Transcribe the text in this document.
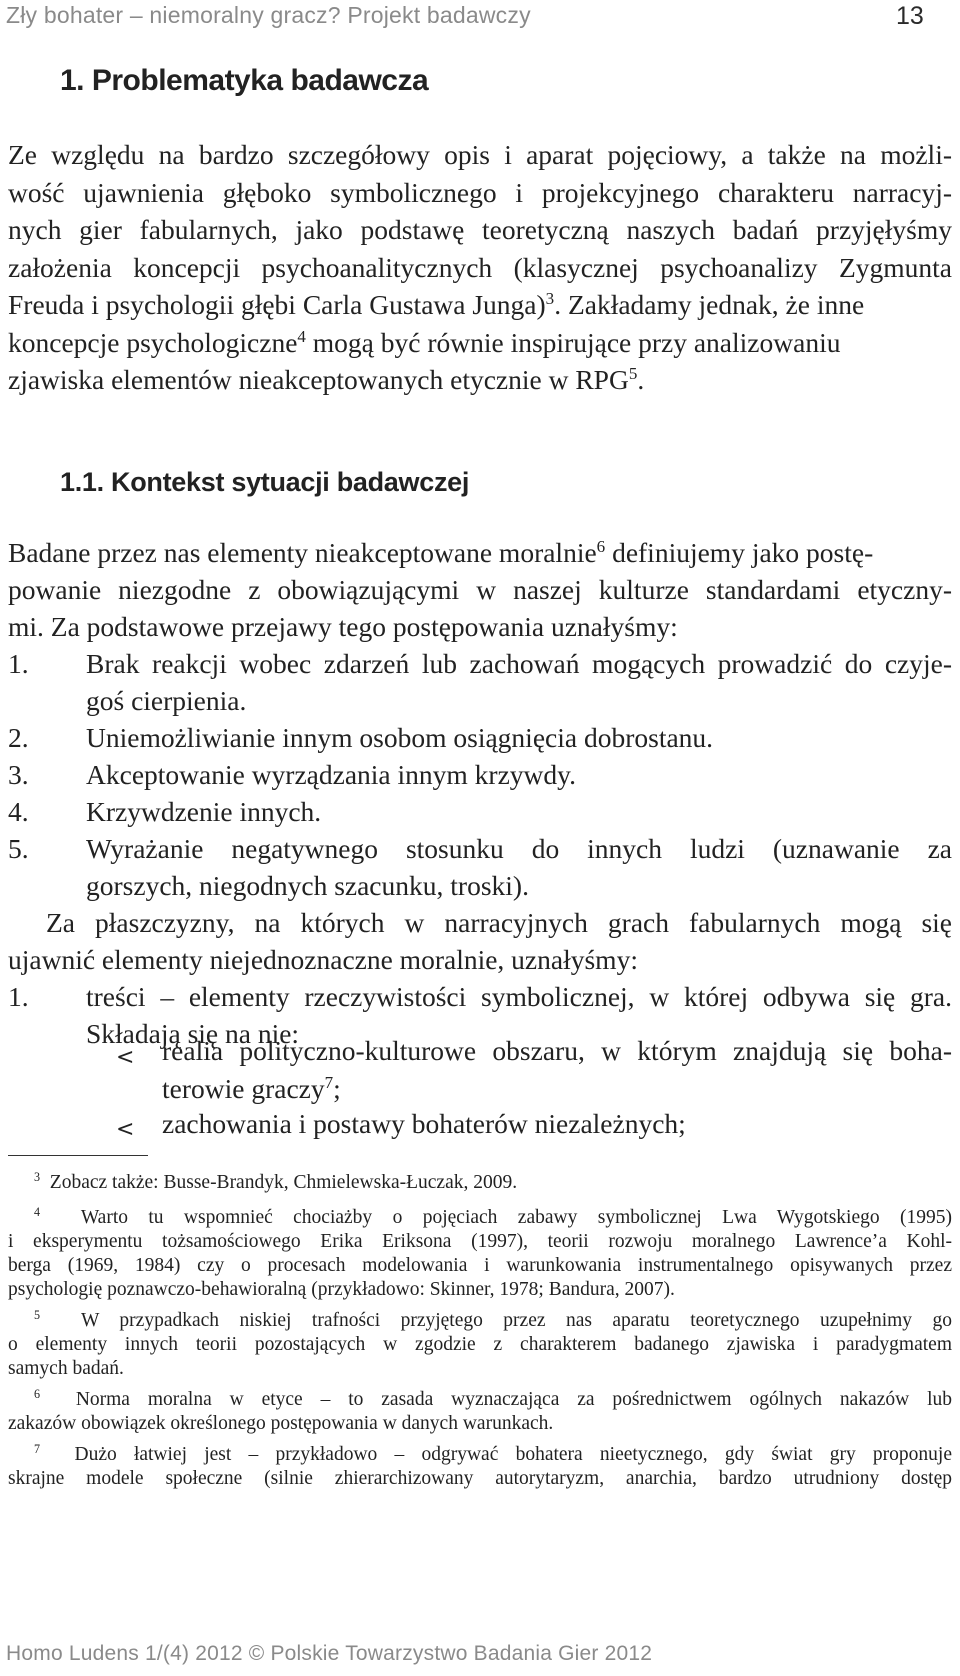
Zły bohater – niemoralny gracz? Projekt badawczy	13
1. Problematyka badawcza
Ze względu na bardzo szczegółowy opis i aparat pojęciowy, a także na możli-
wość ujawnienia głęboko symbolicznego i projekcyjnego charakteru narracyj-
nych gier fabularnych, jako podstawę teoretyczną naszych badań przyjęłyśmy
założenia koncepcji psychoanalitycznych (klasycznej psychoanalizy Zygmunta
Freuda i psychologii głębi Carla Gustawa Junga)$^3$. Zakładamy jednak, że inne
koncepcje psychologiczne$^4$ mogą być równie inspirujące przy analizowaniu
zjawiska elementów nieakceptowanych etycznie w RPG$^5$.
1.1. Kontekst sytuacji badawczej
Badane przez nas elementy nieakceptowane moralnie$^6$ definiujemy jako postę-
powanie niezgodne z obowiązującymi w naszej kulturze standardami etyczny-
mi. Za podstawowe przejawy tego postępowania uznałyśmy:
1. Brak reakcji wobec zdarzeń lub zachowań mogących prowadzić do czyje-
goś cierpienia.
2. Uniemożliwianie innym osobom osiągnięcia dobrostanu.
3. Akceptowanie wyrządzania innym krzywdy.
4. Krzywdzenie innych.
5. Wyrażanie negatywnego stosunku do innych ludzi (uznawanie za
gorszych, niegodnych szacunku, troski).
Za płaszczyzny, na których w narracyjnych grach fabularnych mogą się
ujawnić elementy niejednoznaczne moralnie, uznałyśmy:
1. treści – elementy rzeczywistości symbolicznej, w której odbywa się gra.
Składają się na nie:
< realia polityczno-kulturowe obszaru, w którym znajdują się boha-
terowie graczy$^7$;
< zachowania i postawy bohaterów niezależnych;
$^3$ Zobacz także: Busse-Brandyk, Chmielewska-Łuczak, 2009.
$^4$ Warto tu wspomnieć chociażby o pojęciach zabawy symbolicznej Lwa Wygotskiego (1995)
i eksperymentu tożsamościowego Erika Eriksona (1997), teorii rozwoju moralnego Lawrence’a Kohl-
berga (1969, 1984) czy o procesach modelowania i warunkowania instrumentalnego opisywanych przez
psychologię poznawczo-behawioralną (przykładowo: Skinner, 1978; Bandura, 2007).
$^5$ W przypadkach niskiej trafności przyjętego przez nas aparatu teoretycznego uzupełnimy go
o elementy innych teorii pozostających w zgodzie z charakterem badanego zjawiska i paradygmatem
samych badań.
$^6$ Norma moralna w etyce – to zasada wyznaczająca za pośrednictwem ogólnych nakazów lub
zakazów obowiązek określonego postępowania w danych warunkach.
$^7$ Dużo łatwiej jest – przykładowo – odgrywać bohatera nieetycznego, gdy świat gry proponuje
skrajne modele społeczne (silnie zhierarchizowany autorytaryzm, anarchia, bardzo utrudniony dostęp
Homo Ludens 1/(4) 2012 © Polskie Towarzystwo Badania Gier 2012
